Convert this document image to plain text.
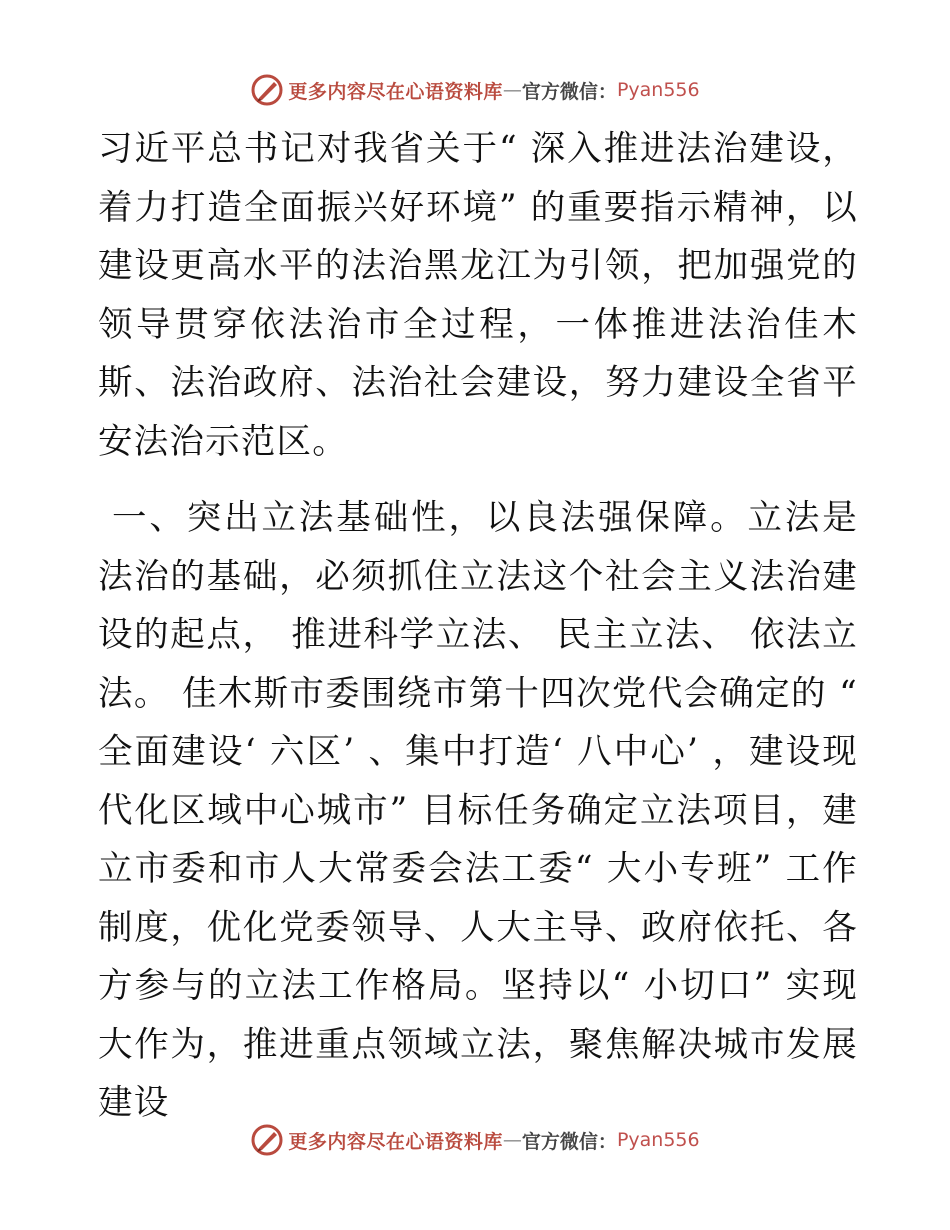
更多内容尽在心语资料库 — 官方微信： Pyan556

习近平总书记对我省关于“ 深入推进法治建设，着力打造全面振兴好环境” 的重要指示精神，以建设更高水平的法治黑龙江为引领，把加强党的领导贯穿依法治市全过程，一体推进法治佳木斯、法治政府、法治社会建设，努力建设全省平安法治示范区。

一、突出立法基础性，以良法强保障。立法是法治的基础，必须抓住立法这个社会主义法治建设的起点， 推进科学立法、 民主立法、 依法立法。 佳木斯市委围绕市第十四次党代会确定的 “ 全面建设‘ 六区’ 、集中打造‘ 八中心’ ，建设现代化区域中心城市” 目标任务确定立法项目，建立市委和市人大常委会法工委“ 大小专班” 工作制度，优化党委领导、人大主导、政府依托、各方参与的立法工作格局。坚持以“ 小切口” 实现大作为，推进重点领域立法，聚焦解决城市发展建设

更多内容尽在心语资料库 — 官方微信： Pyan556
